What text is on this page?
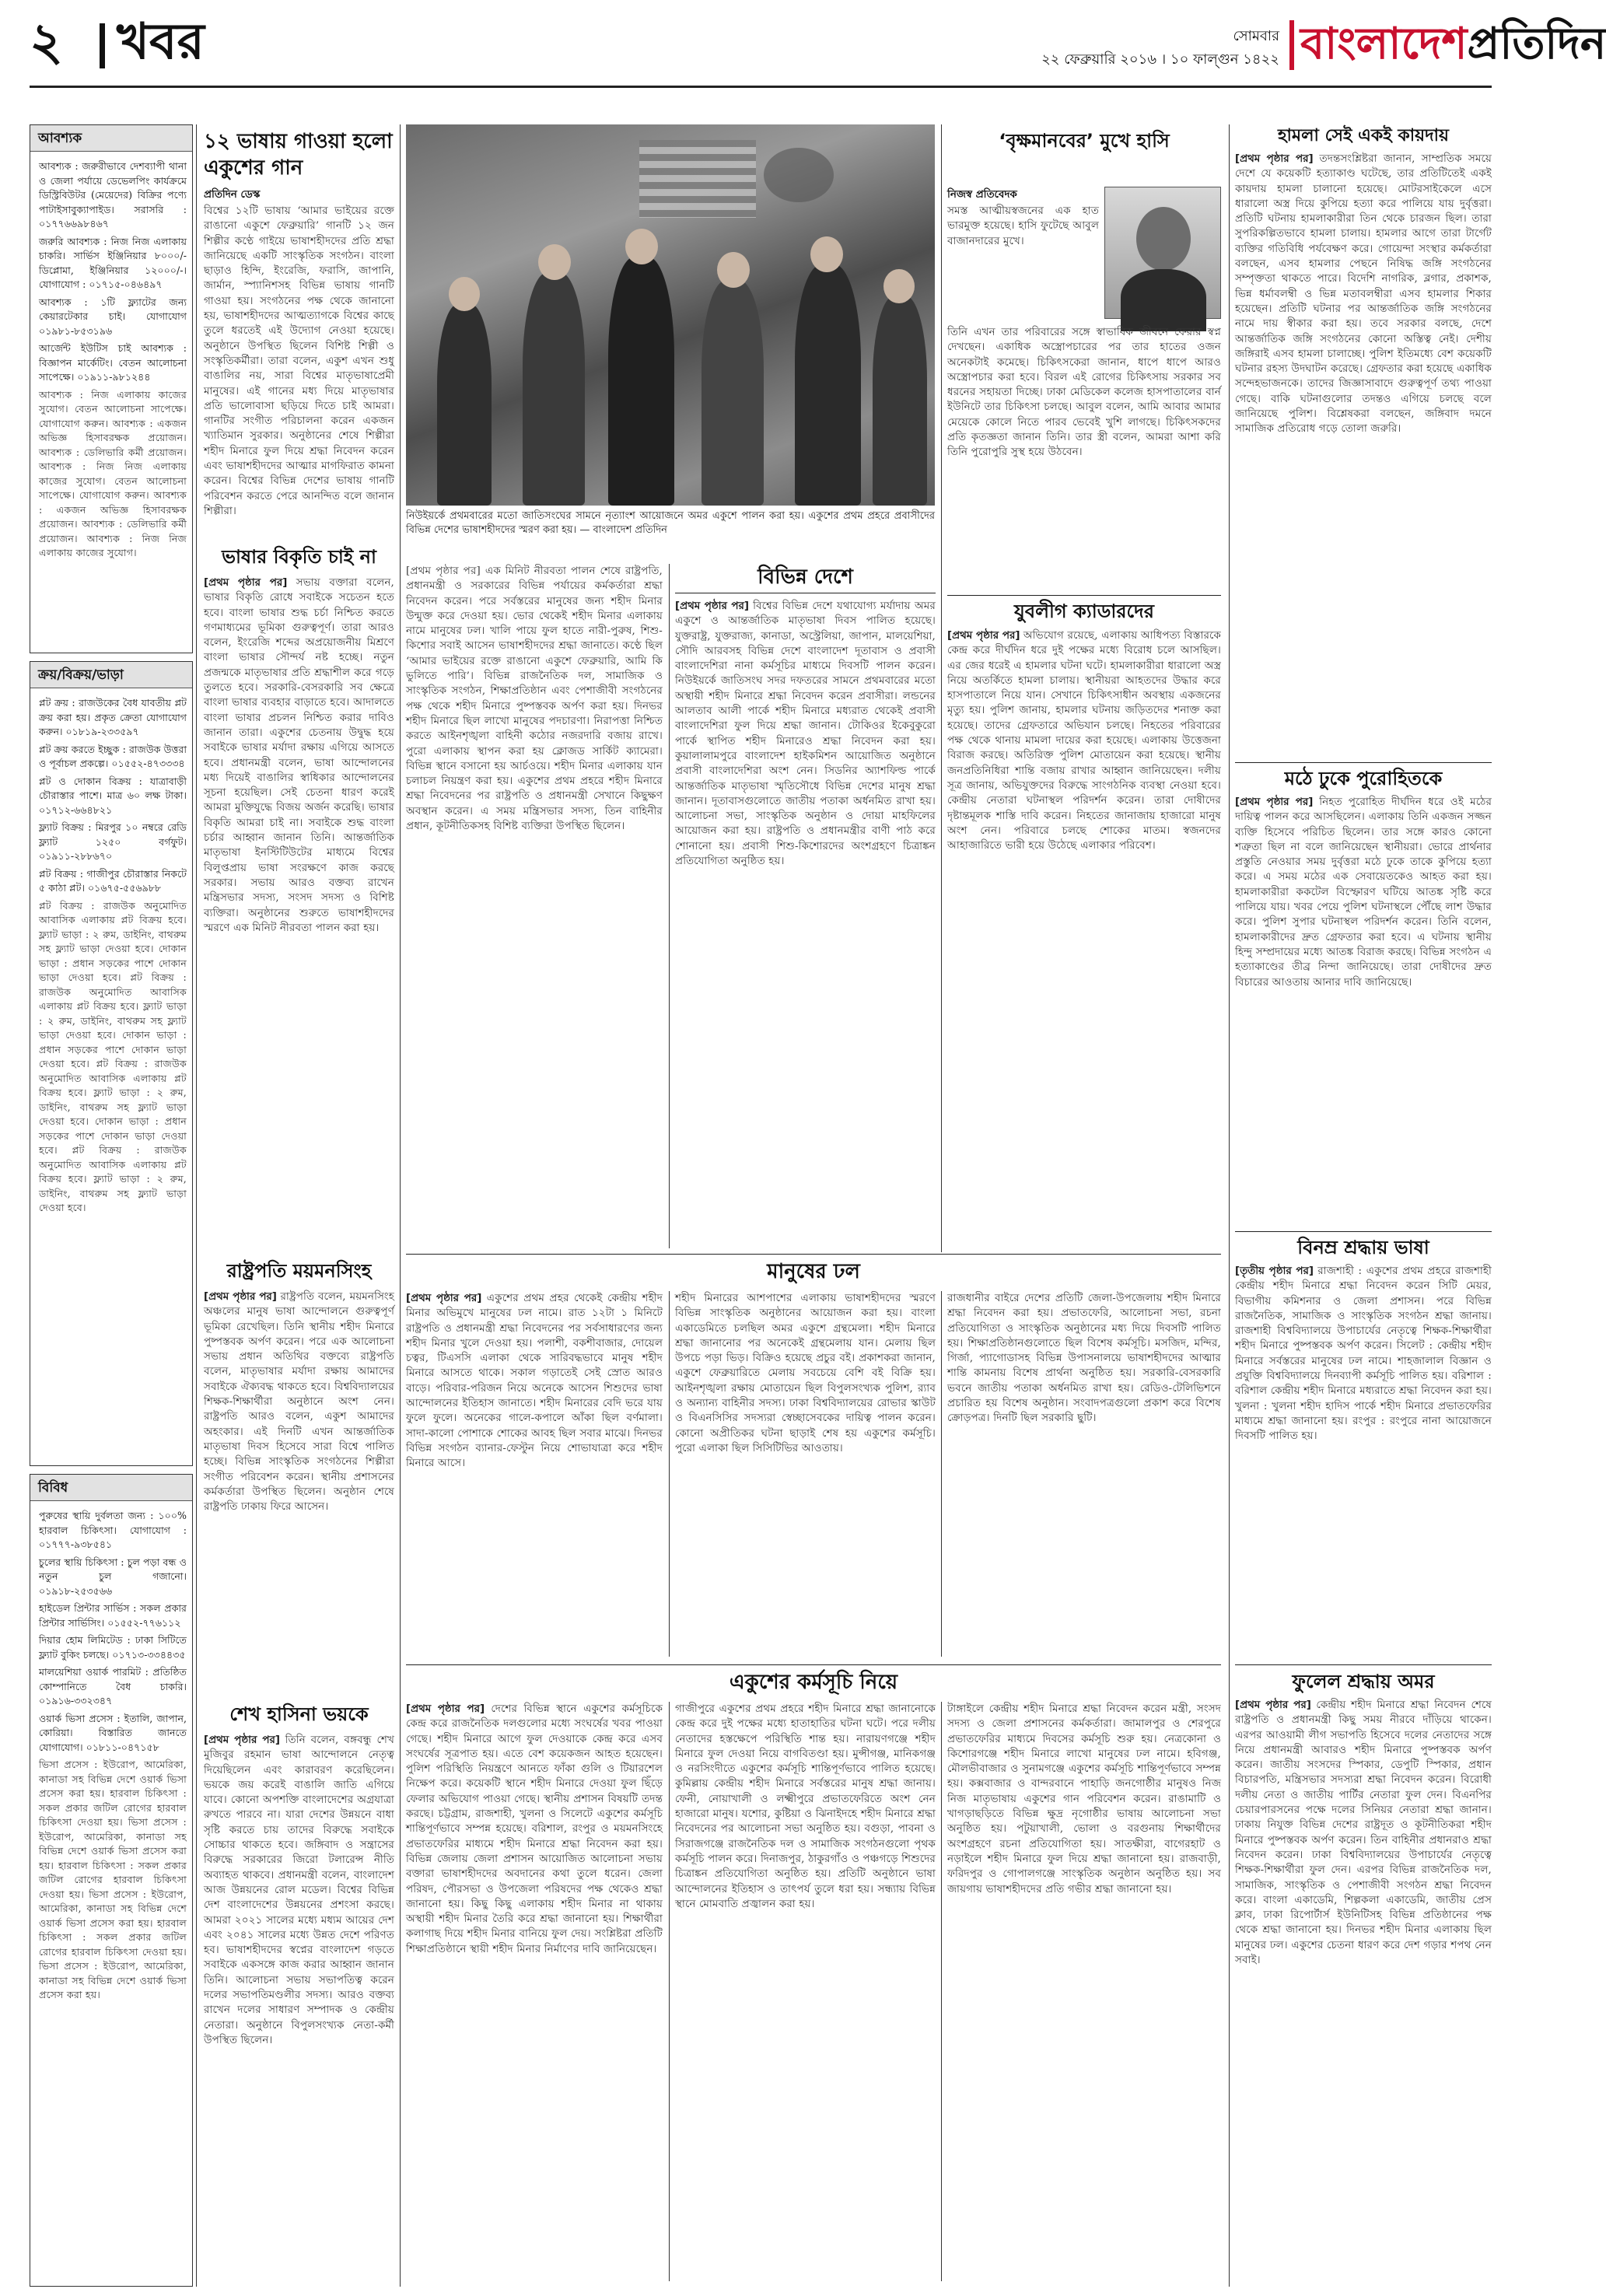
২ খবর	সোমবার
২২ ফেব্রুয়ারি ২০১৬ । ১০ ফাল্গুন ১৪২২ বাংলাদেশপ্রতিদিন
আবশ্যক

আবশ্যক : জরুরীভাবে দেশব্যাপী থানা ও জেলা পর্যায়ে ডেভেলপিং কার্যক্রমে ডিস্ট্রিবিউটর (মেয়েদের) বিক্রির পণ্যে পাটাইসাবুক্যাপাইড। সরাসরি : ০১৭৭৬৬৯৮৪৬৭

জরুরি আবশ্যক : নিজ নিজ এলাকায় চাকরি। সার্ভিস ইঞ্জিনিয়ার ৮০০০/- ডিপ্লোমা, ইঞ্জিনিয়ার ১২০০০/-। যোগাযোগ : ০১৭১৫-০৪৬৪৯৭

আবশ্যক : ১টি ফ্ল্যাটের জন্য কেয়ারটেকার চাই। যোগাযোগ ০১৯৮১-৮৫৩১৯৬

আর্জেন্ট ইউটিস চাই আবশ্যক : বিজ্ঞাপন মার্কেটিং। বেতন আলোচনা সাপেক্ষে। ০১৯১১-৯৮১২৪৪

আবশ্যক : নিজ এলাকায় কাজের সুযোগ। বেতন আলোচনা সাপেক্ষে। যোগাযোগ করুন। আবশ্যক : একজন অভিজ্ঞ হিসাবরক্ষক প্রয়োজন। আবশ্যক : ডেলিভারি কর্মী প্রয়োজন। আবশ্যক : নিজ নিজ এলাকায় কাজের সুযোগ। বেতন আলোচনা সাপেক্ষে। যোগাযোগ করুন। আবশ্যক : একজন অভিজ্ঞ হিসাবরক্ষক প্রয়োজন। আবশ্যক : ডেলিভারি কর্মী প্রয়োজন। আবশ্যক : নিজ নিজ এলাকায় কাজের সুযোগ।

ক্রয়/বিক্রয়/ভাড়া

প্লট ক্রয় : রাজউকের বৈধ যাবতীয় প্লট ক্রয় করা হয়। প্রকৃত ক্রেতা যোগাযোগ করুন। ০১৮১৯-২৩৩৫৯৭

প্লট ক্রয় করতে ইচ্ছুক : রাজউক উত্তরা ও পূর্বাচল প্রকল্পে। ০১৫৫২-৪৭৩৩৩৪

প্লট ও দোকান বিক্রয় : যাত্রাবাড়ী চৌরাস্তার পাশে। মাত্র ৬০ লক্ষ টাকা। ০১৭১২-৬৬৪৮২১

ফ্ল্যাট বিক্রয় : মিরপুর ১০ নম্বরে রেডি ফ্ল্যাট ১২৫০ বর্গফুট। ০১৯১১-২৮৮৬৭০

প্লট বিক্রয় : গাজীপুর চৌরাস্তার নিকটে ৫ কাঠা প্লট। ০১৬৭৫-৫৫৬৯৮৮

প্লট বিক্রয় : রাজউক অনুমোদিত আবাসিক এলাকায় প্লট বিক্রয় হবে। ফ্ল্যাট ভাড়া : ২ রুম, ডাইনিং, বাথরুম সহ ফ্ল্যাট ভাড়া দেওয়া হবে। দোকান ভাড়া : প্রধান সড়কের পাশে দোকান ভাড়া দেওয়া হবে। প্লট বিক্রয় : রাজউক অনুমোদিত আবাসিক এলাকায় প্লট বিক্রয় হবে। ফ্ল্যাট ভাড়া : ২ রুম, ডাইনিং, বাথরুম সহ ফ্ল্যাট ভাড়া দেওয়া হবে। দোকান ভাড়া : প্রধান সড়কের পাশে দোকান ভাড়া দেওয়া হবে। প্লট বিক্রয় : রাজউক অনুমোদিত আবাসিক এলাকায় প্লট বিক্রয় হবে। ফ্ল্যাট ভাড়া : ২ রুম, ডাইনিং, বাথরুম সহ ফ্ল্যাট ভাড়া দেওয়া হবে। দোকান ভাড়া : প্রধান সড়কের পাশে দোকান ভাড়া দেওয়া হবে। প্লট বিক্রয় : রাজউক অনুমোদিত আবাসিক এলাকায় প্লট বিক্রয় হবে। ফ্ল্যাট ভাড়া : ২ রুম, ডাইনিং, বাথরুম সহ ফ্ল্যাট ভাড়া দেওয়া হবে।

বিবিধ

পুরুষের স্থায়ি দুর্বলতা জন্য : ১০০% হারবাল চিকিৎসা। যোগাযোগ : ০১৭৭৭-৯৩৮৫৪১

চুলের স্থায়ি চিকিৎসা : চুল পড়া বন্ধ ও নতুন চুল গজানো। ০১৯১৮-২৫৩৫৬৬

হাইডেল প্রিন্টার সার্ভিস : সকল প্রকার প্রিন্টার সার্ভিসিং। ০১৫৫২-৭৭৬১১২

দিয়ার হোম লিমিটেড : ঢাকা সিটিতে ফ্ল্যাট বুকিং চলছে। ০১৭১৩-৩৩৪৪৩৫

মালয়েশিয়া ওয়ার্ক পারমিট : প্রতিষ্ঠিত কোম্পানিতে বৈধ চাকরি। ০১৯১৬-৩৩২৩৪৭

ওয়ার্ক ভিসা প্রসেস : ইতালি, জাপান, কোরিয়া। বিস্তারিত জানতে যোগাযোগ। ০১৮১১-০৪৭১৫৮

ভিসা প্রসেস : ইউরোপ, আমেরিকা, কানাডা সহ বিভিন্ন দেশে ওয়ার্ক ভিসা প্রসেস করা হয়। হারবাল চিকিৎসা : সকল প্রকার জটিল রোগের হারবাল চিকিৎসা দেওয়া হয়। ভিসা প্রসেস : ইউরোপ, আমেরিকা, কানাডা সহ বিভিন্ন দেশে ওয়ার্ক ভিসা প্রসেস করা হয়। হারবাল চিকিৎসা : সকল প্রকার জটিল রোগের হারবাল চিকিৎসা দেওয়া হয়। ভিসা প্রসেস : ইউরোপ, আমেরিকা, কানাডা সহ বিভিন্ন দেশে ওয়ার্ক ভিসা প্রসেস করা হয়। হারবাল চিকিৎসা : সকল প্রকার জটিল রোগের হারবাল চিকিৎসা দেওয়া হয়। ভিসা প্রসেস : ইউরোপ, আমেরিকা, কানাডা সহ বিভিন্ন দেশে ওয়ার্ক ভিসা প্রসেস করা হয়।

১২ ভাষায় গাওয়া হলো একুশের গান
প্রতিদিন ডেস্ক

বিশ্বের ১২টি ভাষায় ‘আমার ভাইয়ের রক্তে রাঙানো একুশে ফেব্রুয়ারি’ গানটি ১২ জন শিল্পীর কণ্ঠে গাইয়ে ভাষাশহীদদের প্রতি শ্রদ্ধা জানিয়েছে একটি সাংস্কৃতিক সংগঠন। বাংলা ছাড়াও হিন্দি, ইংরেজি, ফরাসি, জাপানি, জার্মান, স্প্যানিশসহ বিভিন্ন ভাষায় গানটি গাওয়া হয়। সংগঠনের পক্ষ থেকে জানানো হয়, ভাষাশহীদদের আত্মত্যাগকে বিশ্বের কাছে তুলে ধরতেই এই উদ্যোগ নেওয়া হয়েছে। অনুষ্ঠানে উপস্থিত ছিলেন বিশিষ্ট শিল্পী ও সংস্কৃতিকর্মীরা। তারা বলেন, একুশ এখন শুধু বাঙালির নয়, সারা বিশ্বের মাতৃভাষাপ্রেমী মানুষের। এই গানের মধ্য দিয়ে মাতৃভাষার প্রতি ভালোবাসা ছড়িয়ে দিতে চাই আমরা। গানটির সংগীত পরিচালনা করেন একজন খ্যাতিমান সুরকার। অনুষ্ঠানের শেষে শিল্পীরা শহীদ মিনারে ফুল দিয়ে শ্রদ্ধা নিবেদন করেন এবং ভাষাশহীদদের আত্মার মাগফিরাত কামনা করেন। বিশ্বের বিভিন্ন দেশের ভাষায় গানটি পরিবেশন করতে পেরে আনন্দিত বলে জানান শিল্পীরা।	নিউইয়র্কে প্রথমবারের মতো জাতিসংঘের সামনে নৃত্যাংশ আয়োজনে অমর একুশে পালন করা হয়। একুশের প্রথম প্রহরে প্রবাসীদের বিভিন্ন দেশের ভাষাশহীদদের স্মরণ করা হয়। — বাংলাদেশ প্রতিদিন
ভাষার বিকৃতি চাই না

[প্রথম পৃষ্ঠার পর] সভায় বক্তারা বলেন, ভাষার বিকৃতি রোধে সবাইকে সচেতন হতে হবে। বাংলা ভাষার শুদ্ধ চর্চা নিশ্চিত করতে গণমাধ্যমের ভূমিকা গুরুত্বপূর্ণ। তারা আরও বলেন, ইংরেজি শব্দের অপ্রয়োজনীয় মিশ্রণে বাংলা ভাষার সৌন্দর্য নষ্ট হচ্ছে। নতুন প্রজন্মকে মাতৃভাষার প্রতি শ্রদ্ধাশীল করে গড়ে তুলতে হবে। সরকারি-বেসরকারি সব ক্ষেত্রে বাংলা ভাষার ব্যবহার বাড়াতে হবে। আদালতে বাংলা ভাষার প্রচলন নিশ্চিত করার দাবিও জানান তারা। একুশের চেতনায় উদ্বুদ্ধ হয়ে সবাইকে ভাষার মর্যাদা রক্ষায় এগিয়ে আসতে হবে। প্রধানমন্ত্রী বলেন, ভাষা আন্দোলনের মধ্য দিয়েই বাঙালির স্বাধিকার আন্দোলনের সূচনা হয়েছিল। সেই চেতনা ধারণ করেই আমরা মুক্তিযুদ্ধে বিজয় অর্জন করেছি। ভাষার বিকৃতি আমরা চাই না। সবাইকে শুদ্ধ বাংলা চর্চার আহ্বান জানান তিনি। আন্তর্জাতিক মাতৃভাষা ইনস্টিটিউটের মাধ্যমে বিশ্বের বিলুপ্তপ্রায় ভাষা সংরক্ষণে কাজ করছে সরকার। সভায় আরও বক্তব্য রাখেন মন্ত্রিসভার সদস্য, সংসদ সদস্য ও বিশিষ্ট ব্যক্তিরা। অনুষ্ঠানের শুরুতে ভাষাশহীদদের স্মরণে এক মিনিট নীরবতা পালন করা হয়।

রাষ্ট্রপতি ময়মনসিংহ

[প্রথম পৃষ্ঠার পর] রাষ্ট্রপতি বলেন, ময়মনসিংহ অঞ্চলের মানুষ ভাষা আন্দোলনে গুরুত্বপূর্ণ ভূমিকা রেখেছিল। তিনি স্থানীয় শহীদ মিনারে পুষ্পস্তবক অর্পণ করেন। পরে এক আলোচনা সভায় প্রধান অতিথির বক্তব্যে রাষ্ট্রপতি বলেন, মাতৃভাষার মর্যাদা রক্ষায় আমাদের সবাইকে ঐক্যবদ্ধ থাকতে হবে। বিশ্ববিদ্যালয়ের শিক্ষক-শিক্ষার্থীরা অনুষ্ঠানে অংশ নেন। রাষ্ট্রপতি আরও বলেন, একুশ আমাদের অহংকার। এই দিনটি এখন আন্তর্জাতিক মাতৃভাষা দিবস হিসেবে সারা বিশ্বে পালিত হচ্ছে। বিভিন্ন সাংস্কৃতিক সংগঠনের শিল্পীরা সংগীত পরিবেশন করেন। স্থানীয় প্রশাসনের কর্মকর্তারা উপস্থিত ছিলেন। অনুষ্ঠান শেষে রাষ্ট্রপতি ঢাকায় ফিরে আসেন।

শেখ হাসিনা ভয়কে

[প্রথম পৃষ্ঠার পর] তিনি বলেন, বঙ্গবন্ধু শেখ মুজিবুর রহমান ভাষা আন্দোলনে নেতৃত্ব দিয়েছিলেন এবং কারাবরণ করেছিলেন। ভয়কে জয় করেই বাঙালি জাতি এগিয়ে যাবে। কোনো অপশক্তি বাংলাদেশের অগ্রযাত্রা রুখতে পারবে না। যারা দেশের উন্নয়নে বাধা সৃষ্টি করতে চায় তাদের বিরুদ্ধে সবাইকে সোচ্চার থাকতে হবে। জঙ্গিবাদ ও সন্ত্রাসের বিরুদ্ধে সরকারের জিরো টলারেন্স নীতি অব্যাহত থাকবে। প্রধানমন্ত্রী বলেন, বাংলাদেশ আজ উন্নয়নের রোল মডেল। বিশ্বের বিভিন্ন দেশ বাংলাদেশের উন্নয়নের প্রশংসা করছে। আমরা ২০২১ সালের মধ্যে মধ্যম আয়ের দেশ এবং ২০৪১ সালের মধ্যে উন্নত দেশে পরিণত হব। ভাষাশহীদদের স্বপ্নের বাংলাদেশ গড়তে সবাইকে একসঙ্গে কাজ করার আহ্বান জানান তিনি। আলোচনা সভায় সভাপতিত্ব করেন দলের সভাপতিমণ্ডলীর সদস্য। আরও বক্তব্য রাখেন দলের সাধারণ সম্পাদক ও কেন্দ্রীয় নেতারা। অনুষ্ঠানে বিপুলসংখ্যক নেতা-কর্মী উপস্থিত ছিলেন।

[প্রথম পৃষ্ঠার পর] এক মিনিট নীরবতা পালন শেষে রাষ্ট্রপতি, প্রধানমন্ত্রী ও সরকারের বিভিন্ন পর্যায়ের কর্মকর্তারা শ্রদ্ধা নিবেদন করেন। পরে সর্বস্তরের মানুষের জন্য শহীদ মিনার উন্মুক্ত করে দেওয়া হয়। ভোর থেকেই শহীদ মিনার এলাকায় নামে মানুষের ঢল। খালি পায়ে ফুল হাতে নারী-পুরুষ, শিশু-কিশোর সবাই আসেন ভাষাশহীদদের শ্রদ্ধা জানাতে। কণ্ঠে ছিল ‘আমার ভাইয়ের রক্তে রাঙানো একুশে ফেব্রুয়ারি, আমি কি ভুলিতে পারি’। বিভিন্ন রাজনৈতিক দল, সামাজিক ও সাংস্কৃতিক সংগঠন, শিক্ষাপ্রতিষ্ঠান এবং পেশাজীবী সংগঠনের পক্ষ থেকে শহীদ মিনারে পুষ্পস্তবক অর্পণ করা হয়। দিনভর শহীদ মিনারে ছিল লাখো মানুষের পদচারণা। নিরাপত্তা নিশ্চিত করতে আইনশৃঙ্খলা বাহিনী কঠোর নজরদারি বজায় রাখে। পুরো এলাকায় স্থাপন করা হয় ক্লোজড সার্কিট ক্যামেরা। বিভিন্ন স্থানে বসানো হয় আর্চওয়ে। শহীদ মিনার এলাকায় যান চলাচল নিয়ন্ত্রণ করা হয়। একুশের প্রথম প্রহরে শহীদ মিনারে শ্রদ্ধা নিবেদনের পর রাষ্ট্রপতি ও প্রধানমন্ত্রী সেখানে কিছুক্ষণ অবস্থান করেন। এ সময় মন্ত্রিসভার সদস্য, তিন বাহিনীর প্রধান, কূটনীতিকসহ বিশিষ্ট ব্যক্তিরা উপস্থিত ছিলেন।

বিভিন্ন দেশে

[প্রথম পৃষ্ঠার পর] বিশ্বের বিভিন্ন দেশে যথাযোগ্য মর্যাদায় অমর একুশে ও আন্তর্জাতিক মাতৃভাষা দিবস পালিত হয়েছে। যুক্তরাষ্ট্র, যুক্তরাজ্য, কানাডা, অস্ট্রেলিয়া, জাপান, মালয়েশিয়া, সৌদি আরবসহ বিভিন্ন দেশে বাংলাদেশ দূতাবাস ও প্রবাসী বাংলাদেশিরা নানা কর্মসূচির মাধ্যমে দিবসটি পালন করেন। নিউইয়র্কে জাতিসংঘ সদর দফতরের সামনে প্রথমবারের মতো অস্থায়ী শহীদ মিনারে শ্রদ্ধা নিবেদন করেন প্রবাসীরা। লন্ডনের আলতাব আলী পার্কে শহীদ মিনারে মধ্যরাত থেকেই প্রবাসী বাংলাদেশিরা ফুল দিয়ে শ্রদ্ধা জানান। টোকিওর ইকেবুকুরো পার্কে স্থাপিত শহীদ মিনারেও শ্রদ্ধা নিবেদন করা হয়। কুয়ালালামপুরে বাংলাদেশ হাইকমিশন আয়োজিত অনুষ্ঠানে প্রবাসী বাংলাদেশিরা অংশ নেন। সিডনির অ্যাশফিল্ড পার্কে আন্তর্জাতিক মাতৃভাষা স্মৃতিসৌধে বিভিন্ন দেশের মানুষ শ্রদ্ধা জানান। দূতাবাসগুলোতে জাতীয় পতাকা অর্ধনমিত রাখা হয়। আলোচনা সভা, সাংস্কৃতিক অনুষ্ঠান ও দোয়া মাহফিলের আয়োজন করা হয়। রাষ্ট্রপতি ও প্রধানমন্ত্রীর বাণী পাঠ করে শোনানো হয়। প্রবাসী শিশু-কিশোরদের অংশগ্রহণে চিত্রাঙ্কন প্রতিযোগিতা অনুষ্ঠিত হয়।

মানুষের ঢল

[প্রথম পৃষ্ঠার পর] একুশের প্রথম প্রহর থেকেই কেন্দ্রীয় শহীদ মিনার অভিমুখে মানুষের ঢল নামে। রাত ১২টা ১ মিনিটে রাষ্ট্রপতি ও প্রধানমন্ত্রী শ্রদ্ধা নিবেদনের পর সর্বসাধারণের জন্য শহীদ মিনার খুলে দেওয়া হয়। পলাশী, বকশীবাজার, দোয়েল চত্বর, টিএসসি এলাকা থেকে সারিবদ্ধভাবে মানুষ শহীদ মিনারে আসতে থাকে। সকাল গড়াতেই সেই স্রোত আরও বাড়ে। পরিবার-পরিজন নিয়ে অনেকে আসেন শিশুদের ভাষা আন্দোলনের ইতিহাস জানাতে। শহীদ মিনারের বেদি ভরে যায় ফুলে ফুলে। অনেকের গালে-কপালে আঁকা ছিল বর্ণমালা। সাদা-কালো পোশাকে শোকের আবহ ছিল সবার মাঝে। দিনভর বিভিন্ন সংগঠন ব্যানার-ফেস্টুন নিয়ে শোভাযাত্রা করে শহীদ মিনারে আসে।

শহীদ মিনারের আশপাশের এলাকায় ভাষাশহীদদের স্মরণে বিভিন্ন সাংস্কৃতিক অনুষ্ঠানের আয়োজন করা হয়। বাংলা একাডেমিতে চলছিল অমর একুশে গ্রন্থমেলা। শহীদ মিনারে শ্রদ্ধা জানানোর পর অনেকেই গ্রন্থমেলায় যান। মেলায় ছিল উপচে পড়া ভিড়। বিক্রিও হয়েছে প্রচুর বই। প্রকাশকরা জানান, একুশে ফেব্রুয়ারিতে মেলায় সবচেয়ে বেশি বই বিক্রি হয়। আইনশৃঙ্খলা রক্ষায় মোতায়েন ছিল বিপুলসংখ্যক পুলিশ, র‌্যাব ও অন্যান্য বাহিনীর সদস্য। ঢাকা বিশ্ববিদ্যালয়ের রোভার স্কাউট ও বিএনসিসির সদস্যরা স্বেচ্ছাসেবকের দায়িত্ব পালন করেন। কোনো অপ্রীতিকর ঘটনা ছাড়াই শেষ হয় একুশের কর্মসূচি। পুরো এলাকা ছিল সিসিটিভির আওতায়।

রাজধানীর বাইরে দেশের প্রতিটি জেলা-উপজেলায় শহীদ মিনারে শ্রদ্ধা নিবেদন করা হয়। প্রভাতফেরি, আলোচনা সভা, রচনা প্রতিযোগিতা ও সাংস্কৃতিক অনুষ্ঠানের মধ্য দিয়ে দিবসটি পালিত হয়। শিক্ষাপ্রতিষ্ঠানগুলোতে ছিল বিশেষ কর্মসূচি। মসজিদ, মন্দির, গির্জা, প্যাগোডাসহ বিভিন্ন উপাসনালয়ে ভাষাশহীদদের আত্মার শান্তি কামনায় বিশেষ প্রার্থনা অনুষ্ঠিত হয়। সরকারি-বেসরকারি ভবনে জাতীয় পতাকা অর্ধনমিত রাখা হয়। রেডিও-টেলিভিশনে প্রচারিত হয় বিশেষ অনুষ্ঠান। সংবাদপত্রগুলো প্রকাশ করে বিশেষ ক্রোড়পত্র। দিনটি ছিল সরকারি ছুটি।

একুশের কর্মসূচি নিয়ে

[প্রথম পৃষ্ঠার পর] দেশের বিভিন্ন স্থানে একুশের কর্মসূচিকে কেন্দ্র করে রাজনৈতিক দলগুলোর মধ্যে সংঘর্ষের খবর পাওয়া গেছে। শহীদ মিনারে আগে ফুল দেওয়াকে কেন্দ্র করে এসব সংঘর্ষের সূত্রপাত হয়। এতে বেশ কয়েকজন আহত হয়েছেন। পুলিশ পরিস্থিতি নিয়ন্ত্রণে আনতে ফাঁকা গুলি ও টিয়ারশেল নিক্ষেপ করে। কয়েকটি স্থানে শহীদ মিনারে দেওয়া ফুল ছিঁড়ে ফেলার অভিযোগ পাওয়া গেছে। স্থানীয় প্রশাসন বিষয়টি তদন্ত করছে। চট্টগ্রাম, রাজশাহী, খুলনা ও সিলেটে একুশের কর্মসূচি শান্তিপূর্ণভাবে সম্পন্ন হয়েছে। বরিশাল, রংপুর ও ময়মনসিংহে প্রভাতফেরির মাধ্যমে শহীদ মিনারে শ্রদ্ধা নিবেদন করা হয়। বিভিন্ন জেলায় জেলা প্রশাসন আয়োজিত আলোচনা সভায় বক্তারা ভাষাশহীদদের অবদানের কথা তুলে ধরেন। জেলা পরিষদ, পৌরসভা ও উপজেলা পরিষদের পক্ষ থেকেও শ্রদ্ধা জানানো হয়। কিছু কিছু এলাকায় শহীদ মিনার না থাকায় অস্থায়ী শহীদ মিনার তৈরি করে শ্রদ্ধা জানানো হয়। শিক্ষার্থীরা কলাগাছ দিয়ে শহীদ মিনার বানিয়ে ফুল দেয়। সংশ্লিষ্টরা প্রতিটি শিক্ষাপ্রতিষ্ঠানে স্থায়ী শহীদ মিনার নির্মাণের দাবি জানিয়েছেন।

গাজীপুরে একুশের প্রথম প্রহরে শহীদ মিনারে শ্রদ্ধা জানানোকে কেন্দ্র করে দুই পক্ষের মধ্যে হাতাহাতির ঘটনা ঘটে। পরে দলীয় নেতাদের হস্তক্ষেপে পরিস্থিতি শান্ত হয়। নারায়ণগঞ্জে শহীদ মিনারে ফুল দেওয়া নিয়ে বাগবিতণ্ডা হয়। মুন্সীগঞ্জ, মানিকগঞ্জ ও নরসিংদীতে একুশের কর্মসূচি শান্তিপূর্ণভাবে পালিত হয়েছে। কুমিল্লায় কেন্দ্রীয় শহীদ মিনারে সর্বস্তরের মানুষ শ্রদ্ধা জানায়। ফেনী, নোয়াখালী ও লক্ষ্মীপুরে প্রভাতফেরিতে অংশ নেন হাজারো মানুষ। যশোর, কুষ্টিয়া ও ঝিনাইদহে শহীদ মিনারে শ্রদ্ধা নিবেদনের পর আলোচনা সভা অনুষ্ঠিত হয়। বগুড়া, পাবনা ও সিরাজগঞ্জে রাজনৈতিক দল ও সামাজিক সংগঠনগুলো পৃথক কর্মসূচি পালন করে। দিনাজপুর, ঠাকুরগাঁও ও পঞ্চগড়ে শিশুদের চিত্রাঙ্কন প্রতিযোগিতা অনুষ্ঠিত হয়। প্রতিটি অনুষ্ঠানে ভাষা আন্দোলনের ইতিহাস ও তাৎপর্য তুলে ধরা হয়। সন্ধ্যায় বিভিন্ন স্থানে মোমবাতি প্রজ্বালন করা হয়।

টাঙ্গাইলে কেন্দ্রীয় শহীদ মিনারে শ্রদ্ধা নিবেদন করেন মন্ত্রী, সংসদ সদস্য ও জেলা প্রশাসনের কর্মকর্তারা। জামালপুর ও শেরপুরে প্রভাতফেরির মাধ্যমে দিবসের কর্মসূচি শুরু হয়। নেত্রকোনা ও কিশোরগঞ্জে শহীদ মিনারে লাখো মানুষের ঢল নামে। হবিগঞ্জ, মৌলভীবাজার ও সুনামগঞ্জে একুশের কর্মসূচি শান্তিপূর্ণভাবে সম্পন্ন হয়। কক্সবাজার ও বান্দরবানে পাহাড়ি জনগোষ্ঠীর মানুষও নিজ নিজ মাতৃভাষায় একুশের গান পরিবেশন করেন। রাঙামাটি ও খাগড়াছড়িতে বিভিন্ন ক্ষুদ্র নৃগোষ্ঠীর ভাষায় আলোচনা সভা অনুষ্ঠিত হয়। পটুয়াখালী, ভোলা ও বরগুনায় শিক্ষার্থীদের অংশগ্রহণে রচনা প্রতিযোগিতা হয়। সাতক্ষীরা, বাগেরহাট ও নড়াইলে শহীদ মিনারে ফুল দিয়ে শ্রদ্ধা জানানো হয়। রাজবাড়ী, ফরিদপুর ও গোপালগঞ্জে সাংস্কৃতিক অনুষ্ঠান অনুষ্ঠিত হয়। সব জায়গায় ভাষাশহীদদের প্রতি গভীর শ্রদ্ধা জানানো হয়।

‘বৃক্ষমানবের’ মুখে হাসি
নিজস্ব প্রতিবেদক

সমস্ত আত্মীয়স্বজনের এক হাত ভারমুক্ত হয়েছে। হাসি ফুটেছে আবুল বাজানদারের মুখে।

তিনি এখন তার পরিবারের সঙ্গে স্বাভাবিক জীবনে ফেরার স্বপ্ন দেখছেন। একাধিক অস্ত্রোপচারের পর তার হাতের ওজন অনেকটাই কমেছে। চিকিৎসকেরা জানান, ধাপে ধাপে আরও অস্ত্রোপচার করা হবে। বিরল এই রোগের চিকিৎসায় সরকার সব ধরনের সহায়তা দিচ্ছে। ঢাকা মেডিকেল কলেজ হাসপাতালের বার্ন ইউনিটে তার চিকিৎসা চলছে। আবুল বলেন, আমি আবার আমার মেয়েকে কোলে নিতে পারব ভেবেই খুশি লাগছে। চিকিৎসকদের প্রতি কৃতজ্ঞতা জানান তিনি। তার স্ত্রী বলেন, আমরা আশা করি তিনি পুরোপুরি সুস্থ হয়ে উঠবেন।

যুবলীগ ক্যাডারদের

[প্রথম পৃষ্ঠার পর] অভিযোগ রয়েছে, এলাকায় আধিপত্য বিস্তারকে কেন্দ্র করে দীর্ঘদিন ধরে দুই পক্ষের মধ্যে বিরোধ চলে আসছিল। এর জের ধরেই এ হামলার ঘটনা ঘটে। হামলাকারীরা ধারালো অস্ত্র নিয়ে অতর্কিতে হামলা চালায়। স্থানীয়রা আহতদের উদ্ধার করে হাসপাতালে নিয়ে যান। সেখানে চিকিৎসাধীন অবস্থায় একজনের মৃত্যু হয়। পুলিশ জানায়, হামলার ঘটনায় জড়িতদের শনাক্ত করা হয়েছে। তাদের গ্রেফতারে অভিযান চলছে। নিহতের পরিবারের পক্ষ থেকে থানায় মামলা দায়ের করা হয়েছে। এলাকায় উত্তেজনা বিরাজ করছে। অতিরিক্ত পুলিশ মোতায়েন করা হয়েছে। স্থানীয় জনপ্রতিনিধিরা শান্তি বজায় রাখার আহ্বান জানিয়েছেন। দলীয় সূত্র জানায়, অভিযুক্তদের বিরুদ্ধে সাংগঠনিক ব্যবস্থা নেওয়া হবে। কেন্দ্রীয় নেতারা ঘটনাস্থল পরিদর্শন করেন। তারা দোষীদের দৃষ্টান্তমূলক শাস্তি দাবি করেন। নিহতের জানাজায় হাজারো মানুষ অংশ নেন। পরিবারে চলছে শোকের মাতম। স্বজনদের আহাজারিতে ভারী হয়ে উঠেছে এলাকার পরিবেশ।

হামলা সেই একই কায়দায়

[প্রথম পৃষ্ঠার পর] তদন্তসংশ্লিষ্টরা জানান, সাম্প্রতিক সময়ে দেশে যে কয়েকটি হত্যাকাণ্ড ঘটেছে, তার প্রতিটিতেই একই কায়দায় হামলা চালানো হয়েছে। মোটরসাইকেলে এসে ধারালো অস্ত্র দিয়ে কুপিয়ে হত্যা করে পালিয়ে যায় দুর্বৃত্তরা। প্রতিটি ঘটনায় হামলাকারীরা তিন থেকে চারজন ছিল। তারা সুপরিকল্পিতভাবে হামলা চালায়। হামলার আগে তারা টার্গেট ব্যক্তির গতিবিধি পর্যবেক্ষণ করে। গোয়েন্দা সংস্থার কর্মকর্তারা বলছেন, এসব হামলার পেছনে নিষিদ্ধ জঙ্গি সংগঠনের সম্পৃক্ততা থাকতে পারে। বিদেশি নাগরিক, ব্লগার, প্রকাশক, ভিন্ন ধর্মাবলম্বী ও ভিন্ন মতাবলম্বীরা এসব হামলার শিকার হয়েছেন। প্রতিটি ঘটনার পর আন্তর্জাতিক জঙ্গি সংগঠনের নামে দায় স্বীকার করা হয়। তবে সরকার বলছে, দেশে আন্তর্জাতিক জঙ্গি সংগঠনের কোনো অস্তিত্ব নেই। দেশীয় জঙ্গিরাই এসব হামলা চালাচ্ছে। পুলিশ ইতিমধ্যে বেশ কয়েকটি ঘটনার রহস্য উদঘাটন করেছে। গ্রেফতার করা হয়েছে একাধিক সন্দেহভাজনকে। তাদের জিজ্ঞাসাবাদে গুরুত্বপূর্ণ তথ্য পাওয়া গেছে। বাকি ঘটনাগুলোর তদন্তও এগিয়ে চলছে বলে জানিয়েছে পুলিশ। বিশ্লেষকরা বলছেন, জঙ্গিবাদ দমনে সামাজিক প্রতিরোধ গড়ে তোলা জরুরি।

মঠে ঢুকে পুরোহিতকে

[প্রথম পৃষ্ঠার পর] নিহত পুরোহিত দীর্ঘদিন ধরে ওই মঠের দায়িত্ব পালন করে আসছিলেন। এলাকায় তিনি একজন সজ্জন ব্যক্তি হিসেবে পরিচিত ছিলেন। তার সঙ্গে কারও কোনো শত্রুতা ছিল না বলে জানিয়েছেন স্থানীয়রা। ভোরে প্রার্থনার প্রস্তুতি নেওয়ার সময় দুর্বৃত্তরা মঠে ঢুকে তাকে কুপিয়ে হত্যা করে। এ সময় মঠের এক সেবায়েতকেও আহত করা হয়। হামলাকারীরা ককটেল বিস্ফোরণ ঘটিয়ে আতঙ্ক সৃষ্টি করে পালিয়ে যায়। খবর পেয়ে পুলিশ ঘটনাস্থলে পৌঁছে লাশ উদ্ধার করে। পুলিশ সুপার ঘটনাস্থল পরিদর্শন করেন। তিনি বলেন, হামলাকারীদের দ্রুত গ্রেফতার করা হবে। এ ঘটনায় স্থানীয় হিন্দু সম্প্রদায়ের মধ্যে আতঙ্ক বিরাজ করছে। বিভিন্ন সংগঠন এ হত্যাকাণ্ডের তীব্র নিন্দা জানিয়েছে। তারা দোষীদের দ্রুত বিচারের আওতায় আনার দাবি জানিয়েছে।

বিনম্র শ্রদ্ধায় ভাষা

[তৃতীয় পৃষ্ঠার পর] রাজশাহী : একুশের প্রথম প্রহরে রাজশাহী কেন্দ্রীয় শহীদ মিনারে শ্রদ্ধা নিবেদন করেন সিটি মেয়র, বিভাগীয় কমিশনার ও জেলা প্রশাসন। পরে বিভিন্ন রাজনৈতিক, সামাজিক ও সাংস্কৃতিক সংগঠন শ্রদ্ধা জানায়। রাজশাহী বিশ্ববিদ্যালয়ে উপাচার্যের নেতৃত্বে শিক্ষক-শিক্ষার্থীরা শহীদ মিনারে পুষ্পস্তবক অর্পণ করেন। সিলেট : কেন্দ্রীয় শহীদ মিনারে সর্বস্তরের মানুষের ঢল নামে। শাহজালাল বিজ্ঞান ও প্রযুক্তি বিশ্ববিদ্যালয়ে দিনব্যাপী কর্মসূচি পালিত হয়। বরিশাল : বরিশাল কেন্দ্রীয় শহীদ মিনারে মধ্যরাতে শ্রদ্ধা নিবেদন করা হয়। খুলনা : খুলনা শহীদ হাদিস পার্কে শহীদ মিনারে প্রভাতফেরির মাধ্যমে শ্রদ্ধা জানানো হয়। রংপুর : রংপুরে নানা আয়োজনে দিবসটি পালিত হয়।

ফুলেল শ্রদ্ধায় অমর

[প্রথম পৃষ্ঠার পর] কেন্দ্রীয় শহীদ মিনারে শ্রদ্ধা নিবেদন শেষে রাষ্ট্রপতি ও প্রধানমন্ত্রী কিছু সময় নীরবে দাঁড়িয়ে থাকেন। এরপর আওয়ামী লীগ সভাপতি হিসেবে দলের নেতাদের সঙ্গে নিয়ে প্রধানমন্ত্রী আবারও শহীদ মিনারে পুষ্পস্তবক অর্পণ করেন। জাতীয় সংসদের স্পিকার, ডেপুটি স্পিকার, প্রধান বিচারপতি, মন্ত্রিসভার সদস্যরা শ্রদ্ধা নিবেদন করেন। বিরোধী দলীয় নেতা ও জাতীয় পার্টির নেতারা ফুল দেন। বিএনপির চেয়ারপারসনের পক্ষে দলের সিনিয়র নেতারা শ্রদ্ধা জানান। ঢাকায় নিযুক্ত বিভিন্ন দেশের রাষ্ট্রদূত ও কূটনীতিকরা শহীদ মিনারে পুষ্পস্তবক অর্পণ করেন। তিন বাহিনীর প্রধানরাও শ্রদ্ধা নিবেদন করেন। ঢাকা বিশ্ববিদ্যালয়ের উপাচার্যের নেতৃত্বে শিক্ষক-শিক্ষার্থীরা ফুল দেন। এরপর বিভিন্ন রাজনৈতিক দল, সামাজিক, সাংস্কৃতিক ও পেশাজীবী সংগঠন শ্রদ্ধা নিবেদন করে। বাংলা একাডেমি, শিল্পকলা একাডেমি, জাতীয় প্রেস ক্লাব, ঢাকা রিপোর্টার্স ইউনিটিসহ বিভিন্ন প্রতিষ্ঠানের পক্ষ থেকে শ্রদ্ধা জানানো হয়। দিনভর শহীদ মিনার এলাকায় ছিল মানুষের ঢল। একুশের চেতনা ধারণ করে দেশ গড়ার শপথ নেন সবাই।
